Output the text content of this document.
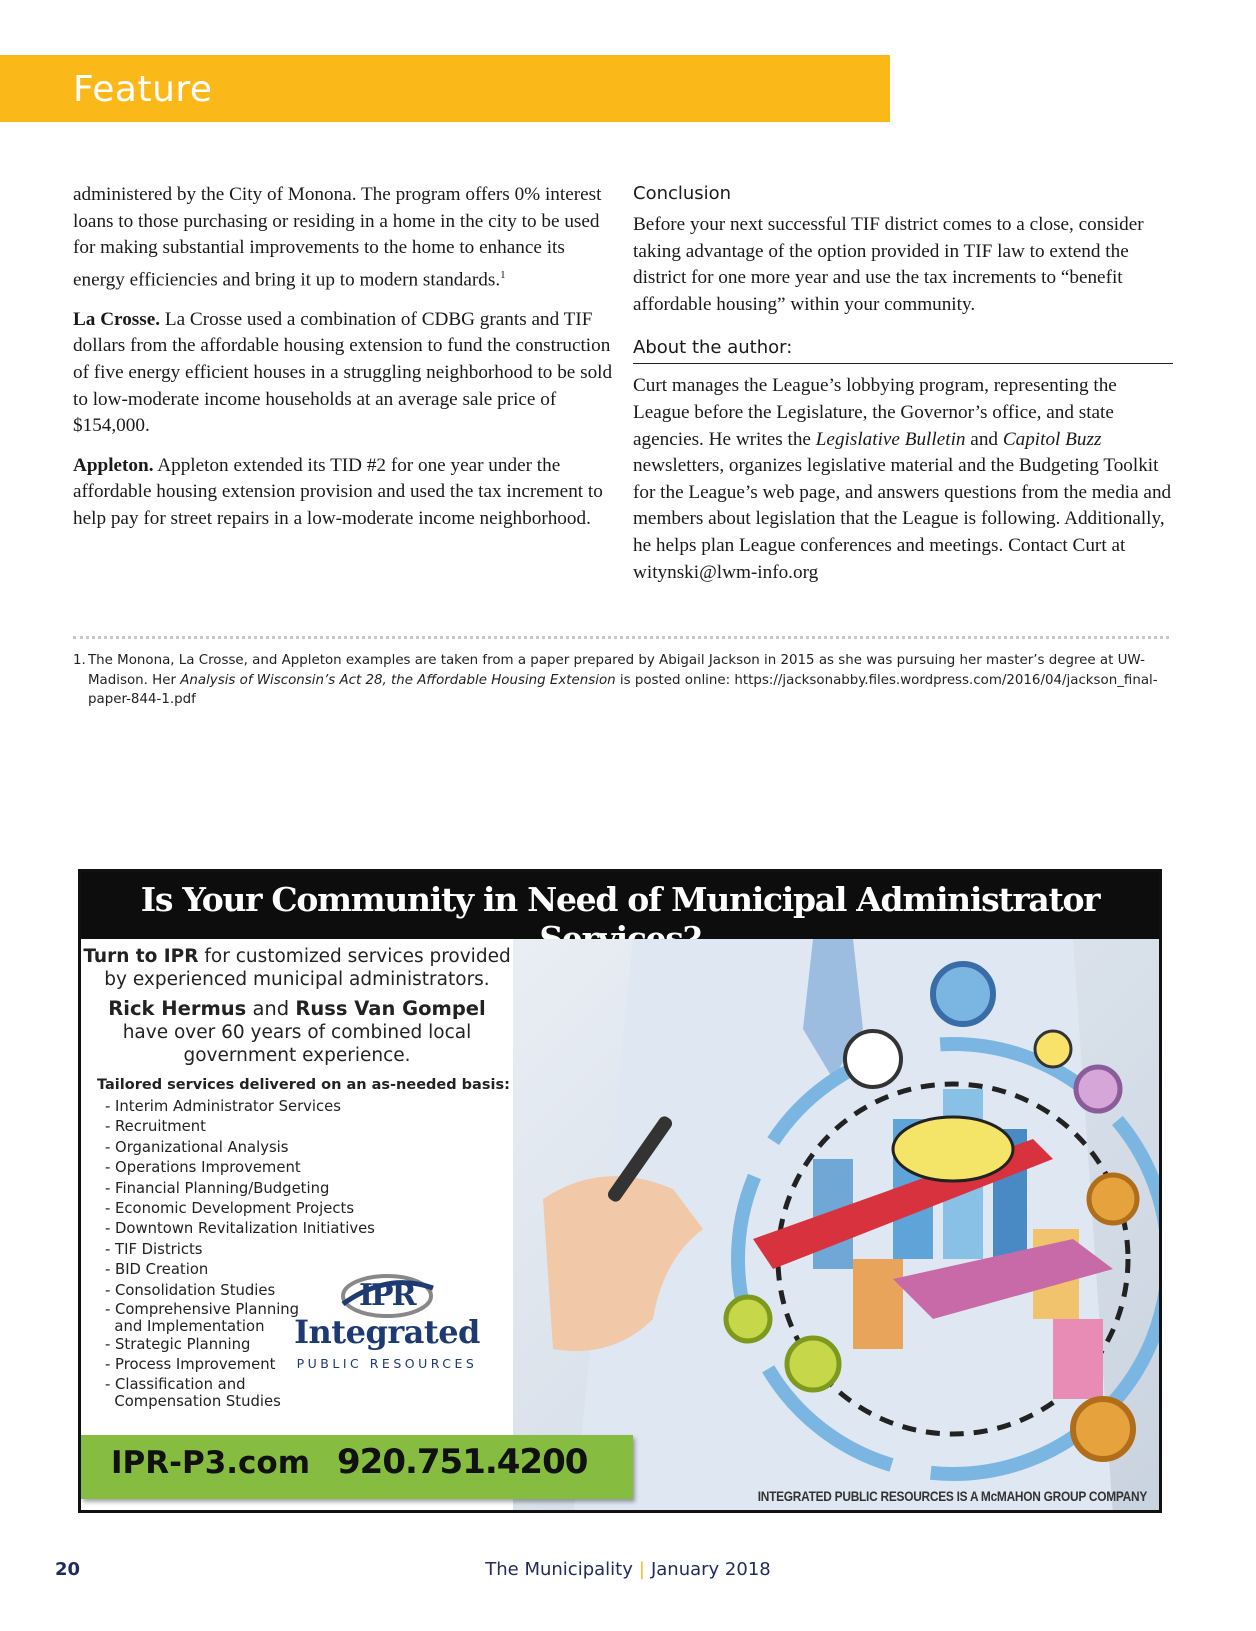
Feature

administered by the City of Monona. The program offers 0% interest loans to those purchasing or residing in a home in the city to be used for making substantial improvements to the home to enhance its energy efficiencies and bring it up to modern standards.$^1$

La Crosse. La Crosse used a combination of CDBG grants and TIF dollars from the affordable housing extension to fund the construction of five energy efficient houses in a struggling neighborhood to be sold to low-moderate income households at an average sale price of $154,000.

Appleton. Appleton extended its TID #2 for one year under the affordable housing extension provision and used the tax increment to help pay for street repairs in a low-moderate income neighborhood.

Conclusion

Before your next successful TIF district comes to a close, consider taking advantage of the option provided in TIF law to extend the district for one more year and use the tax increments to “benefit affordable housing” within your community.

About the author:

Curt manages the League’s lobbying program, representing the League before the Legislature, the Governor’s office, and state agencies. He writes the Legislative Bulletin and Capitol Buzz newsletters, organizes legislative material and the Budgeting Toolkit for the League’s web page, and answers questions from the media and members about legislation that the League is following. Additionally, he helps plan League conferences and meetings. Contact Curt at witynski@lwm-info.org

1. The Monona, La Crosse, and Appleton examples are taken from a paper prepared by Abigail Jackson in 2015 as she was pursuing her master’s degree at UW-Madison. Her Analysis of Wisconsin’s Act 28, the Affordable Housing Extension is posted online: https://jacksonabby.files.wordpress.com/2016/04/jackson_final-paper-844-1.pdf
Is Your Community in Need of Municipal Administrator
Turn to IPR for customized services provided by experienced municipal administrators.
Rick Hermus and Russ Van Gompel
have over 60 years of combined local government experience.
Tailored services delivered on an as-needed basis:
- Interim Administrator Services
- Recruitment
- Organizational Analysis
- Operations Improvement
- Financial Planning/Budgeting
- Economic Development Projects
- Downtown Revitalization Initiatives
- TIF Districts
- BID Creation
- Consolidation Studies
- Comprehensive Planning
and Implementation
- Strategic Planning
- Process Improvement
- Classification and
Compensation Studies
IPR-P3.com 920.751.4200
INTEGRATED PUBLIC RESOURCES IS A McMAHON GROUP COMPANY
IPR
Integrated
PUBLIC RESOURCES
20	The Municipality | January 2018
